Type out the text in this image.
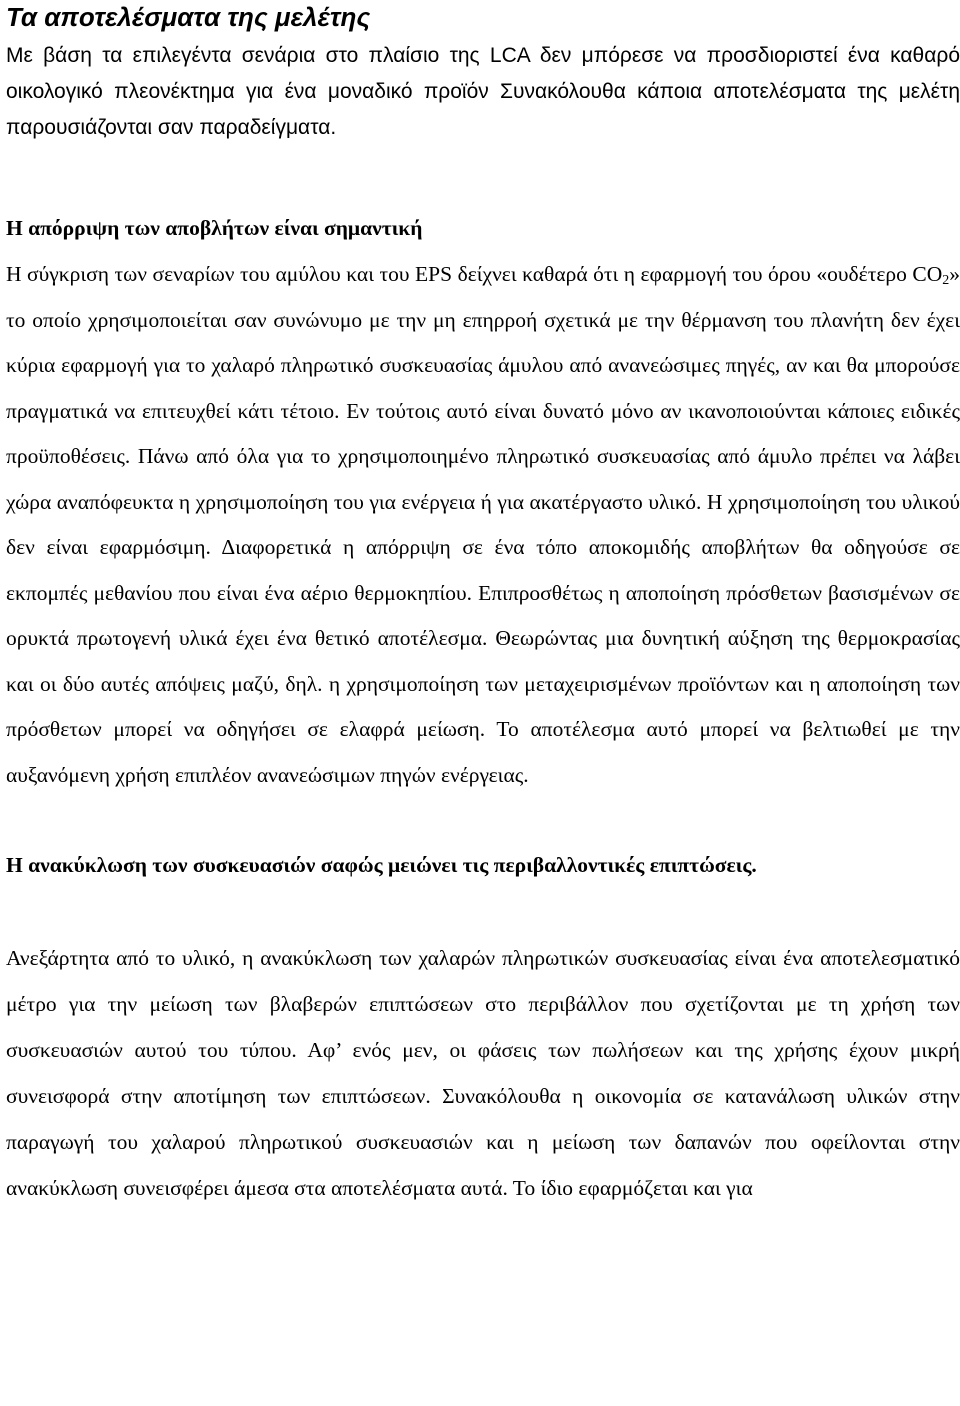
Τα αποτελέσματα της μελέτης

Με βάση τα επιλεγέντα σενάρια στο πλαίσιο της LCA δεν μπόρεσε να προσδιοριστεί ένα καθαρό οικολογικό πλεονέκτημα για ένα μοναδικό προϊόν Συνακόλουθα κάποια αποτελέσματα της μελέτη παρουσιάζονται σαν παραδείγματα.

Η απόρριψη των αποβλήτων είναι σημαντική

Η σύγκριση των σεναρίων του αμύλου και του EPS δείχνει καθαρά ότι η εφαρμογή του όρου «ουδέτερο $CO_2$» το οποίο χρησιμοποιείται σαν συνώνυμο με την μη επηρροή σχετικά με την θέρμανση του πλανήτη δεν έχει κύρια εφαρμογή για το χαλαρό πληρωτικό συσκευασίας άμυλου από ανανεώσιμες πηγές, αν και θα μπορούσε πραγματικά να επιτευχθεί κάτι τέτοιο. Εν τούτοις αυτό είναι δυνατό μόνο αν ικανοποιούνται κάποιες ειδικές προϋποθέσεις. Πάνω από όλα για το χρησιμοποιημένο πληρωτικό συσκευασίας από άμυλο πρέπει να λάβει χώρα αναπόφευκτα η χρησιμοποίηση του για ενέργεια ή για ακατέργαστο υλικό. Η χρησιμοποίηση του υλικού δεν είναι εφαρμόσιμη. Διαφορετικά η απόρριψη σε ένα τόπο αποκομιδής αποβλήτων θα οδηγούσε σε εκπομπές μεθανίου που είναι ένα αέριο θερμοκηπίου. Επιπροσθέτως η αποποίηση πρόσθετων βασισμένων σε ορυκτά πρωτογενή υλικά έχει ένα θετικό αποτέλεσμα. Θεωρώντας μια δυνητική αύξηση της θερμοκρασίας και οι δύο αυτές απόψεις μαζύ, δηλ. η χρησιμοποίηση των μεταχειρισμένων προϊόντων και η αποποίηση των πρόσθετων μπορεί να οδηγήσει σε ελαφρά μείωση. Το αποτέλεσμα αυτό μπορεί να βελτιωθεί με την αυξανόμενη χρήση επιπλέον ανανεώσιμων πηγών ενέργειας.

Η ανακύκλωση των συσκευασιών σαφώς μειώνει τις περιβαλλοντικές επιπτώσεις.

Ανεξάρτητα από το υλικό, η ανακύκλωση των χαλαρών πληρωτικών συσκευασίας είναι ένα αποτελεσματικό μέτρο για την μείωση των βλαβερών επιπτώσεων στο περιβάλλον που σχετίζονται με τη χρήση των συσκευασιών αυτού του τύπου. Αφ’ ενός μεν, οι φάσεις των πωλήσεων και της χρήσης έχουν μικρή συνεισφορά στην αποτίμηση των επιπτώσεων. Συνακόλουθα η οικονομία σε κατανάλωση υλικών στην παραγωγή του χαλαρού πληρωτικού συσκευασιών και η μείωση των δαπανών που οφείλονται στην ανακύκλωση συνεισφέρει άμεσα στα αποτελέσματα αυτά. Το ίδιο εφαρμόζεται και για
